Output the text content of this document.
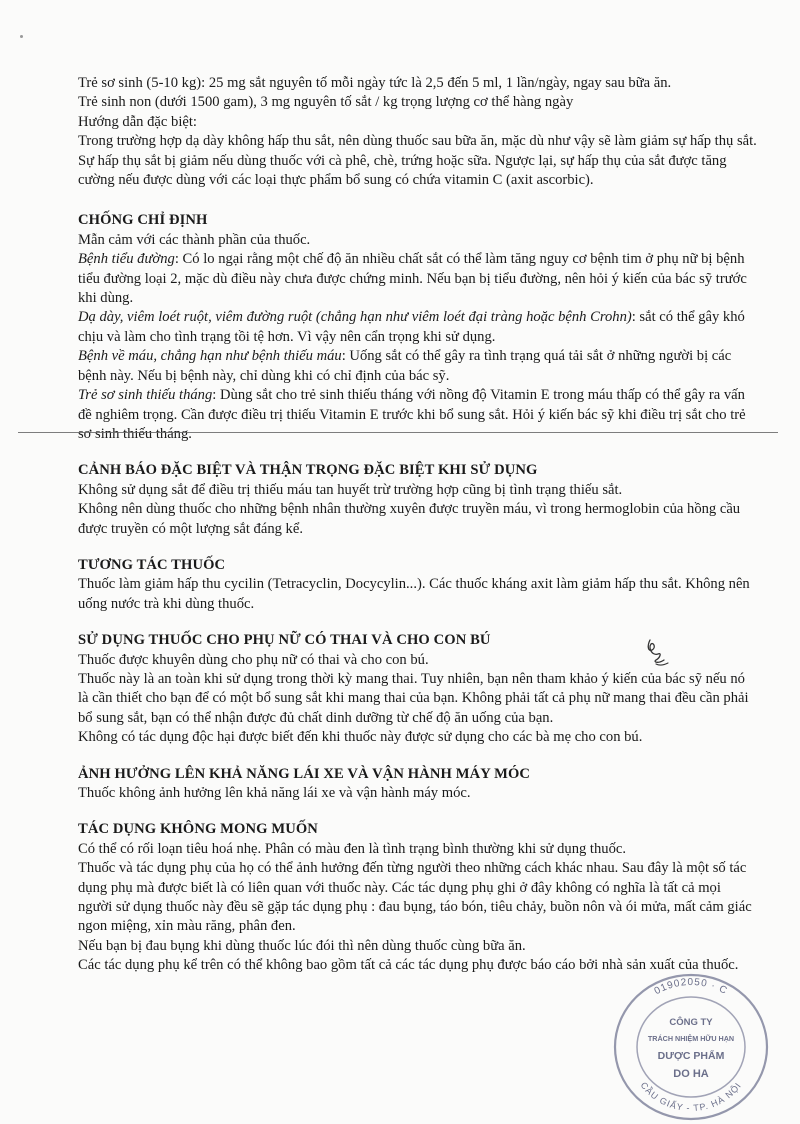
Trẻ sơ sinh (5-10 kg): 25 mg sắt nguyên tố mỗi ngày tức là 2,5 đến 5 ml, 1 lần/ngày, ngay sau bữa ăn.

Trẻ sinh non (dưới 1500 gam), 3 mg nguyên tố sắt / kg trọng lượng cơ thể hàng ngày

Hướng dẫn đặc biệt:

Trong trường hợp dạ dày không hấp thu sắt, nên dùng thuốc sau bữa ăn, mặc dù như vậy sẽ làm giảm sự hấp thụ sắt.

Sự hấp thụ sắt bị giảm nếu dùng thuốc với cà phê, chè, trứng hoặc sữa. Ngược lại, sự hấp thụ của sắt được tăng cường nếu được dùng với các loại thực phẩm bổ sung có chứa vitamin C (axit ascorbic).

CHỐNG CHỈ ĐỊNH

Mẫn cảm với các thành phần của thuốc.

Bệnh tiểu đường: Có lo ngại rằng một chế độ ăn nhiều chất sắt có thể làm tăng nguy cơ bệnh tim ở phụ nữ bị bệnh tiểu đường loại 2, mặc dù điều này chưa được chứng minh. Nếu bạn bị tiểu đường, nên hỏi ý kiến của bác sỹ trước khi dùng.

Dạ dày, viêm loét ruột, viêm đường ruột (chẳng hạn như viêm loét đại tràng hoặc bệnh Crohn): sắt có thể gây khó chịu và làm cho tình trạng tồi tệ hơn. Vì vậy nên cẩn trọng khi sử dụng.

Bệnh về máu, chẳng hạn như bệnh thiếu máu: Uống sắt có thể gây ra tình trạng quá tải sắt ở những người bị các bệnh này. Nếu bị bệnh này, chỉ dùng khi có chỉ định của bác sỹ.

Trẻ sơ sinh thiếu tháng: Dùng sắt cho trẻ sinh thiếu tháng với nồng độ Vitamin E trong máu thấp có thể gây ra vấn đề nghiêm trọng. Cần được điều trị thiếu Vitamin E trước khi bổ sung sắt. Hỏi ý kiến bác sỹ khi điều trị sắt cho trẻ sơ sinh thiếu tháng.

CẢNH BÁO ĐẶC BIỆT VÀ THẬN TRỌNG ĐẶC BIỆT KHI SỬ DỤNG

Không sử dụng sắt để điều trị thiếu máu tan huyết trừ trường hợp cũng bị tình trạng thiếu sắt.

Không nên dùng thuốc cho những bệnh nhân thường xuyên được truyền máu, vì trong hermoglobin của hồng cầu được truyền có một lượng sắt đáng kể.

TƯƠNG TÁC THUỐC

Thuốc làm giảm hấp thu cycilin (Tetracyclin, Docycylin...). Các thuốc kháng axit làm giảm hấp thu sắt. Không nên uống nước trà khi dùng thuốc.

SỬ DỤNG THUỐC CHO PHỤ NỮ CÓ THAI VÀ CHO CON BÚ

Thuốc được khuyên dùng cho phụ nữ có thai và cho con bú.

Thuốc này là an toàn khi sử dụng trong thời kỳ mang thai. Tuy nhiên, bạn nên tham khảo ý kiến của bác sỹ nếu nó là cần thiết cho bạn để có một bổ sung sắt khi mang thai của bạn. Không phải tất cả phụ nữ mang thai đều cần phải bổ sung sắt, bạn có thể nhận được đủ chất dinh dưỡng từ chế độ ăn uống của bạn.

Không có tác dụng độc hại được biết đến khi thuốc này được sử dụng cho các bà mẹ cho con bú.

ẢNH HƯỞNG LÊN KHẢ NĂNG LÁI XE VÀ VẬN HÀNH MÁY MÓC

Thuốc không ảnh hưởng lên khả năng lái xe và vận hành máy móc.

TÁC DỤNG KHÔNG MONG MUỐN

Có thể có rối loạn tiêu hoá nhẹ. Phân có màu đen là tình trạng bình thường khi sử dụng thuốc.

Thuốc và tác dụng phụ của họ có thể ảnh hưởng đến từng người theo những cách khác nhau. Sau đây là một số tác dụng phụ mà được biết là có liên quan với thuốc này. Các tác dụng phụ ghi ở đây không có nghĩa là tất cả mọi người sử dụng thuốc này đều sẽ gặp tác dụng phụ : đau bụng, táo bón, tiêu chảy, buồn nôn và ói mửa, mất cảm giác ngon miệng, xỉn màu răng, phân đen.

Nếu bạn bị đau bụng khi dùng thuốc lúc đói thì nên dùng thuốc cùng bữa ăn.

Các tác dụng phụ kể trên có thể không bao gồm tất cả các tác dụng phụ được báo cáo bởi nhà sản xuất của thuốc.

01902050 · C
CẦU GIẤY - TP. HÀ NỘI
CÔNG TY
TRÁCH NHIỆM HỮU HẠN
DƯỢC PHẨM
DO HA
